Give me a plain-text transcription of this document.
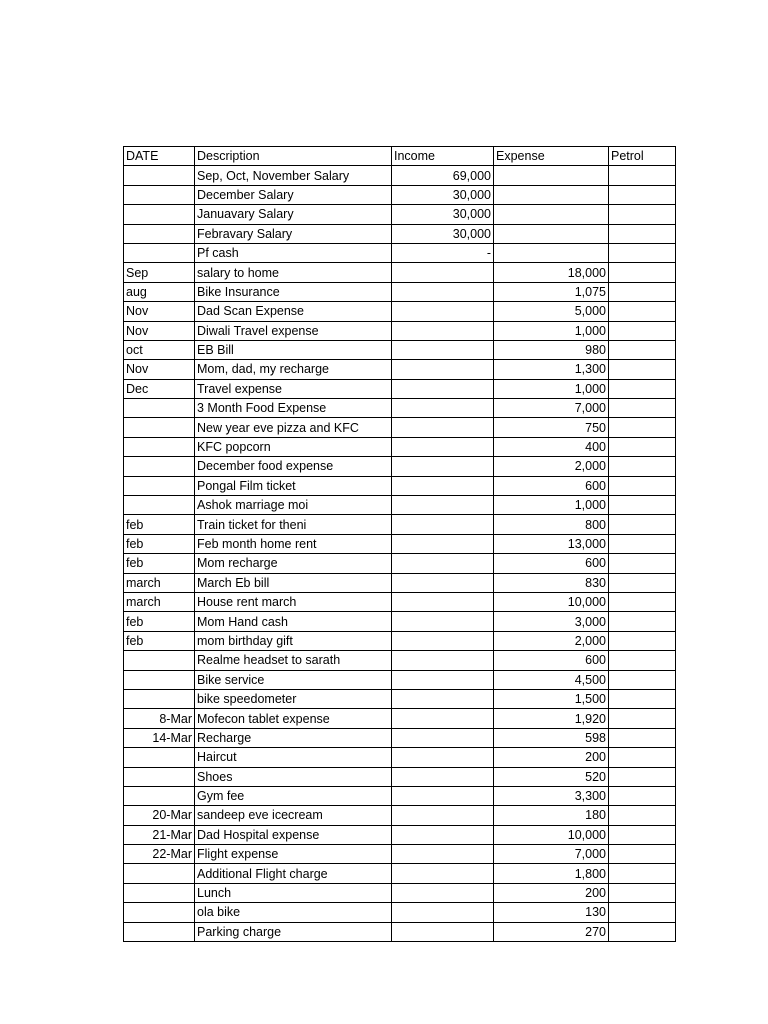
DATE	Description	Income	Expense	Petrol
	Sep, Oct, November Salary	69,000		
	December Salary	30,000		
	Januavary Salary	30,000		
	Febravary Salary	30,000		
	Pf cash	-		
Sep	salary to home		18,000	
aug	Bike Insurance		1,075	
Nov	Dad Scan Expense		5,000	
Nov	Diwali Travel expense		1,000	
oct	EB Bill		980	
Nov	Mom, dad, my recharge		1,300	
Dec	Travel expense		1,000	
	3 Month Food Expense		7,000	
	New year eve pizza and KFC		750	
	KFC popcorn		400	
	December food expense		2,000	
	Pongal Film ticket		600	
	Ashok marriage moi		1,000	
feb	Train ticket for theni		800	
feb	Feb month home rent		13,000	
feb	Mom recharge		600	
march	March Eb bill		830	
march	House rent march		10,000	
feb	Mom Hand cash		3,000	
feb	mom birthday gift		2,000	
	Realme headset to sarath		600	
	Bike service		4,500	
	bike speedometer		1,500	
8-Mar	Mofecon tablet expense		1,920	
14-Mar	Recharge		598	
	Haircut		200	
	Shoes		520	
	Gym fee		3,300	
20-Mar	sandeep eve icecream		180	
21-Mar	Dad Hospital expense		10,000	
22-Mar	Flight expense		7,000	
	Additional Flight charge		1,800	
	Lunch		200	
	ola bike		130	
	Parking charge		270	
